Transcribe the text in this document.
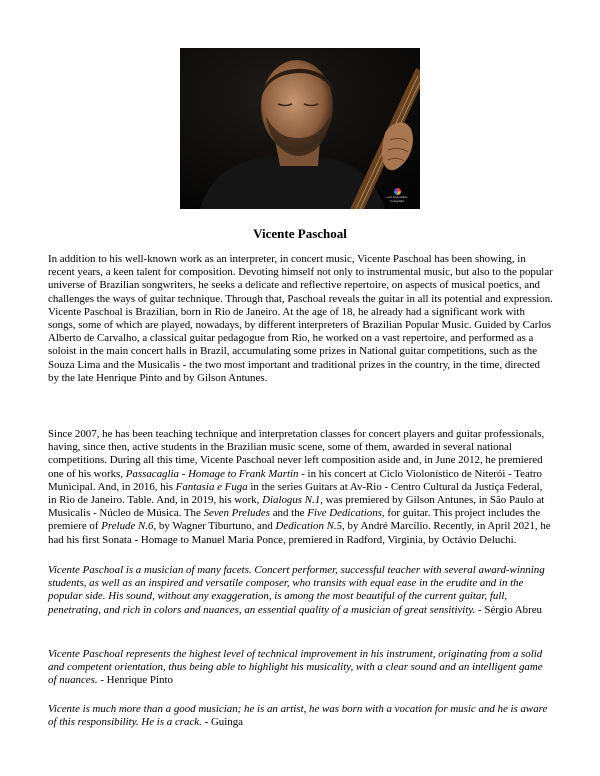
Luiz Guimarães
Fotografia
Vicente Paschoal

In addition to his well-known work as an interpreter, in concert music, Vicente Paschoal has been showing, in recent years, a keen talent for composition. Devoting himself not only to instrumental music, but also to the popular universe of Brazilian songwriters, he seeks a delicate and reflective repertoire, on aspects of musical poetics, and challenges the ways of guitar technique. Through that, Paschoal reveals the guitar in all its potential and expression. Vicente Paschoal is Brazilian, born in Rio de Janeiro. At the age of 18, he already had a significant work with songs, some of which are played, nowadays, by different interpreters of Brazilian Popular Music. Guided by Carlos Alberto de Carvalho, a classical guitar pedagogue from Rio, he worked on a vast repertoire, and performed as a soloist in the main concert halls in Brazil, accumulating some prizes in National guitar competitions, such as the Souza Lima and the Musicalis - the two most important and traditional prizes in the country, in the time, directed by the late Henrique Pinto and by Gilson Antunes.

Since 2007, he has been teaching technique and interpretation classes for concert players and guitar professionals, having, since then, active students in the Brazilian music scene, some of them, awarded in several national competitions. During all this time, Vicente Paschoal never left composition aside and, in June 2012, he premiered one of his works, Passacaglia - Homage to Frank Martin - in his concert at Ciclo Violonístico de Niterói - Teatro Municipal. And, in 2016, his Fantasia e Fuga in the series Guitars at Av-Rio - Centro Cultural da Justiça Federal, in Rio de Janeiro. Table. And, in 2019, his work, Dialogus N.1, was premiered by Gilson Antunes, in São Paulo at Musicalis - Núcleo de Música. The Seven Preludes and the Five Dedications, for guitar. This project includes the premiere of Prelude N.6, by Wagner Tiburtuno, and Dedication N.5, by André Marcílio. Recently, in April 2021, he had his first Sonata - Homage to Manuel Maria Ponce, premiered in Radford, Virginia, by Octávio Deluchi.

Vicente Paschoal is a musician of many facets. Concert performer, successful teacher with several award-winning students, as well as an inspired and versatile composer, who transits with equal ease in the erudite and in the popular side. His sound, without any exaggeration, is among the most beautiful of the current guitar, full, penetrating, and rich in colors and nuances, an essential quality of a musician of great sensitivity. - Sérgio Abreu

Vicente Paschoal represents the highest level of technical improvement in his instrument, originating from a solid and competent orientation, thus being able to highlight his musicality, with a clear sound and an intelligent game of nuances. - Henrique Pinto

Vicente is much more than a good musician; he is an artist, he was born with a vocation for music and he is aware of this responsibility. He is a crack. - Guinga
